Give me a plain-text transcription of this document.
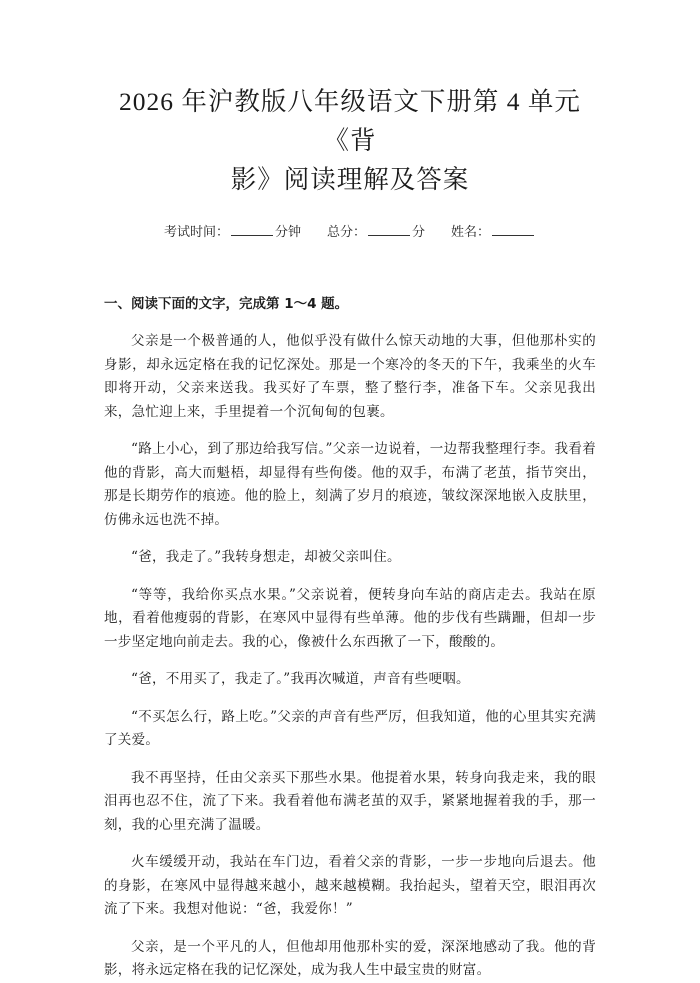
2026 年沪教版八年级语文下册第 4 单元《背
影》阅读理解及答案
考试时间：	分钟 总分：	分 姓名：
一、阅读下面的文字，完成第 1～4 题。

父亲是一个极普通的人，他似乎没有做什么惊天动地的大事，但他那朴实的身影，却永远定格在我的记忆深处。那是一个寒冷的冬天的下午，我乘坐的火车即将开动，父亲来送我。我买好了车票，整了整行李，准备下车。父亲见我出来，急忙迎上来，手里提着一个沉甸甸的包裹。

“路上小心，到了那边给我写信。”父亲一边说着，一边帮我整理行李。我看着他的背影，高大而魁梧，却显得有些佝偻。他的双手，布满了老茧，指节突出，那是长期劳作的痕迹。他的脸上，刻满了岁月的痕迹，皱纹深深地嵌入皮肤里，仿佛永远也洗不掉。

“爸，我走了。”我转身想走，却被父亲叫住。

“等等，我给你买点水果。”父亲说着，便转身向车站的商店走去。我站在原地，看着他瘦弱的背影，在寒风中显得有些单薄。他的步伐有些蹒跚，但却一步一步坚定地向前走去。我的心，像被什么东西揪了一下，酸酸的。

“爸，不用买了，我走了。”我再次喊道，声音有些哽咽。

“不买怎么行，路上吃。”父亲的声音有些严厉，但我知道，他的心里其实充满了关爱。

我不再坚持，任由父亲买下那些水果。他提着水果，转身向我走来，我的眼泪再也忍不住，流了下来。我看着他布满老茧的双手，紧紧地握着我的手，那一刻，我的心里充满了温暖。

火车缓缓开动，我站在车门边，看着父亲的背影，一步一步地向后退去。他的身影，在寒风中显得越来越小，越来越模糊。我抬起头，望着天空，眼泪再次流了下来。我想对他说：“爸，我爱你！”

父亲，是一个平凡的人，但他却用他那朴实的爱，深深地感动了我。他的背影，将永远定格在我的记忆深处，成为我人生中最宝贵的财富。
